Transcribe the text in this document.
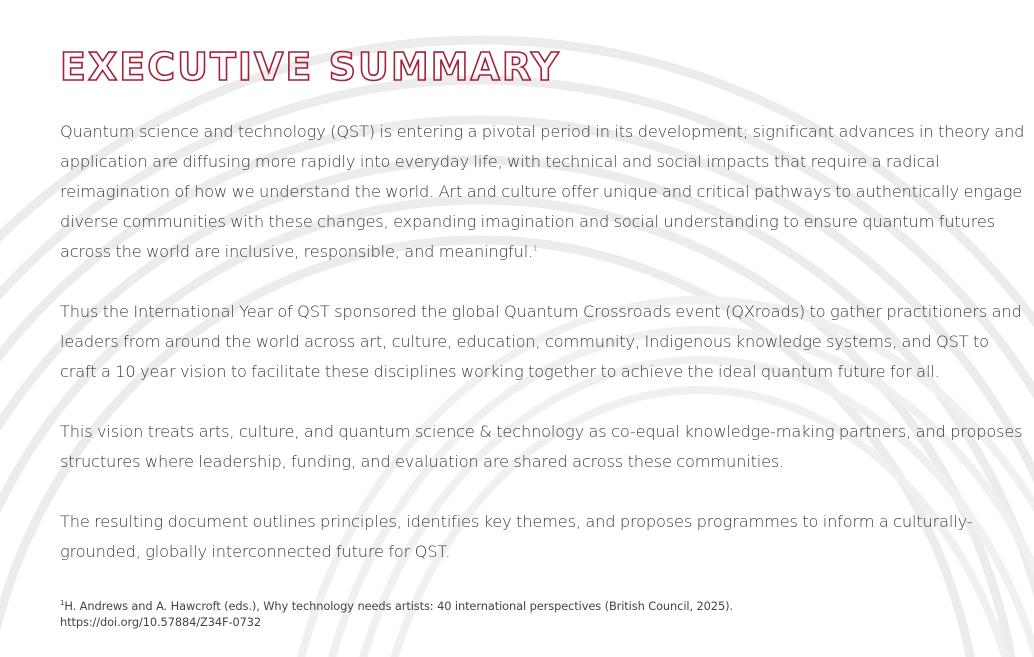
EXECUTIVE SUMMARY

Quantum science and technology (QST) is entering a pivotal period in its development; significant advances in theory and application are diffusing more rapidly into everyday life, with technical and social impacts that require a radical reimagination of how we understand the world. Art and culture offer unique and critical pathways to authentically engage diverse communities with these changes, expanding imagination and social understanding to ensure quantum futures across the world are inclusive, responsible, and meaningful.$^1$

Thus the International Year of QST sponsored the global Quantum Crossroads event (QXroads) to gather practitioners and leaders from around the world across art, culture, education, community, Indigenous knowledge systems, and QST to craft a 10 year vision to facilitate these disciplines working together to achieve the ideal quantum future for all.

This vision treats arts, culture, and quantum science & technology as co-equal knowledge-making partners, and proposes structures where leadership, funding, and evaluation are shared across these communities.

The resulting document outlines principles, identifies key themes, and proposes programmes to inform a culturally-grounded, globally interconnected future for QST.

$^1$H. Andrews and A. Hawcroft (eds.), Why technology needs artists: 40 international perspectives (British Council, 2025). https://doi.org/10.57884/Z34F-0732
